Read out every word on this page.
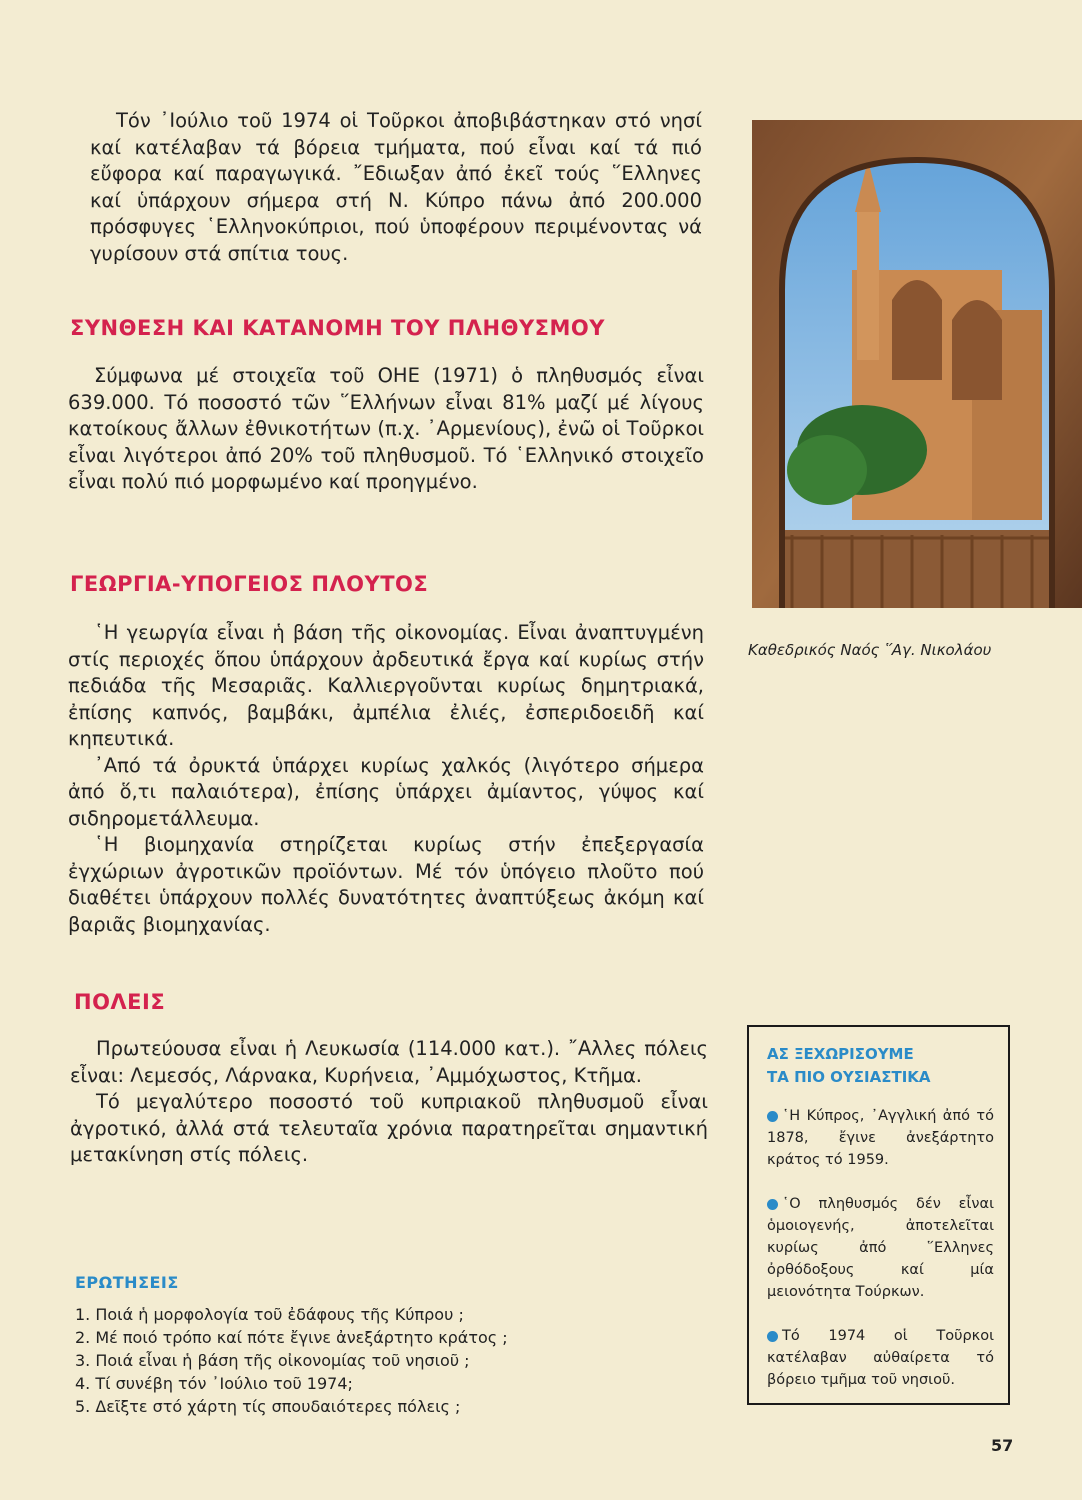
Τόν ᾿Ιούλιο τοῦ 1974 οἱ Τοῦρκοι ἀποβιβάστηκαν στό νησί καί κατέλαβαν τά βόρεια τμήματα, πού εἶναι καί τά πιό εὔφορα καί παραγωγικά. ῎Εδιωξαν ἀπό ἐκεῖ τούς ῞Ελληνες καί ὑπάρχουν σήμερα στή Ν. Κύπρο πάνω ἀπό 200.000 πρόσφυγες ῾Ελληνοκύπριοι, πού ὑποφέρουν περιμένοντας νά γυρίσουν στά σπίτια τους.

ΣΥΝΘΕΣΗ ΚΑΙ ΚΑΤΑΝΟΜΗ ΤΟΥ ΠΛΗΘΥΣΜΟΥ

Σύμφωνα μέ στοιχεῖα τοῦ ΟΗΕ (1971) ὁ πληθυσμός εἶναι 639.000. Τό ποσοστό τῶν ῞Ελλήνων εἶναι 81% μαζί μέ λίγους κατοίκους ἄλλων ἐθνικοτήτων (π.χ. ᾿Αρμενίους), ἐνῶ οἱ Τοῦρκοι εἶναι λιγότεροι ἀπό 20% τοῦ πληθυσμοῦ. Τό ῾Ελληνικό στοιχεῖο εἶναι πολύ πιό μορφωμένο καί προηγμένο.

ΓΕΩΡΓΙΑ-ΥΠΟΓΕΙΟΣ ΠΛΟΥΤΟΣ

῾Η γεωργία εἶναι ἡ βάση τῆς οἰκονομίας. Εἶναι ἀναπτυγμένη στίς περιοχές ὅπου ὑπάρχουν ἀρδευτικά ἔργα καί κυρίως στήν πεδιάδα τῆς Μεσαριᾶς. Καλλιεργοῦνται κυρίως δημητριακά, ἐπίσης καπνός, βαμβάκι, ἀμπέλια ἐλιές, ἐσπεριδοειδῆ καί κηπευτικά.

᾿Από τά ὀρυκτά ὑπάρχει κυρίως χαλκός (λιγότερο σήμερα ἀπό ὅ,τι παλαιότερα), ἐπίσης ὑπάρχει ἀμίαντος, γύψος καί σιδηρομετάλλευμα.

῾Η βιομηχανία στηρίζεται κυρίως στήν ἐπεξεργασία ἐγχώριων ἀγροτικῶν προϊόντων. Μέ τόν ὑπόγειο πλοῦτο πού διαθέτει ὑπάρχουν πολλές δυνατότητες ἀναπτύξεως ἀκόμη καί βαριᾶς βιομηχανίας.

ΠΟΛΕΙΣ

Πρωτεύουσα εἶναι ἡ Λευκωσία (114.000 κατ.). ῎Αλλες πόλεις εἶναι: Λεμεσός, Λάρνακα, Κυρήνεια, ᾿Αμμόχωστος, Κτῆμα.

Τό μεγαλύτερο ποσοστό τοῦ κυπριακοῦ πληθυσμοῦ εἶναι ἀγροτικό, ἀλλά στά τελευταῖα χρόνια παρατηρεῖται σημαντική μετακίνηση στίς πόλεις.

ΕΡΩΤΗΣΕΙΣ
1. Ποιά ἡ μορφολογία τοῦ ἐδάφους τῆς Κύπρου ;
2. Μέ ποιό τρόπο καί πότε ἔγινε ἀνεξάρτητο κράτος ;
3. Ποιά εἶναι ἡ βάση τῆς οἰκονομίας τοῦ νησιοῦ ;
4. Τί συνέβη τόν ᾿Ιούλιο τοῦ 1974;
5. Δεῖξτε στό χάρτη τίς σπουδαιότερες πόλεις ;
Καθεδρικός Ναός ῞Αγ. Νικολάου

ΑΣ ΞΕΧΩΡΙΣΟΥΜΕ

ΤΑ ΠΙΟ ΟΥΣΙΑΣΤΙΚΑ

῾Η Κύπρος, ᾿Αγγλική ἀπό τό 1878, ἔγινε ἀνεξάρτητο κράτος τό 1959.

῾Ο πληθυσμός δέν εἶναι ὁμοιογενής, ἀποτελεῖται κυρίως ἀπό ῞Ελληνες ὀρθόδοξους καί μία μειονότητα Τούρκων.

Τό 1974 οἱ Τοῦρκοι κατέλαβαν αὐθαίρετα τό βόρειο τμῆμα τοῦ νησιοῦ.

57
